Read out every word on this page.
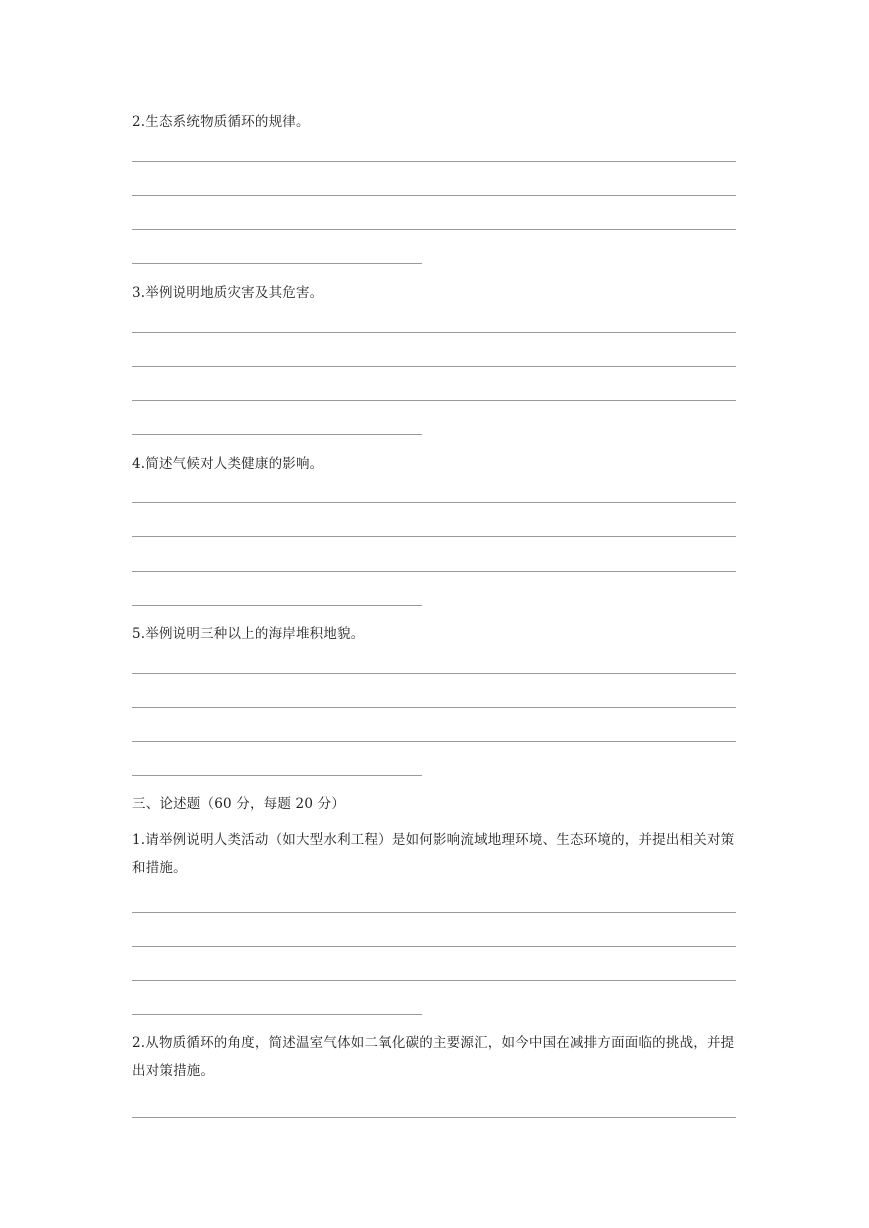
2.生态系统物质循环的规律。
3.举例说明地质灾害及其危害。
4.简述气候对人类健康的影响。
5.举例说明三种以上的海岸堆积地貌。
三、论述题（60 分，每题 20 分）
1.请举例说明人类活动（如大型水利工程）是如何影响流域地理环境、生态环境的，并提出相关对策和措施。
2.从物质循环的角度，简述温室气体如二氧化碳的主要源汇，如今中国在减排方面面临的挑战，并提出对策措施。
